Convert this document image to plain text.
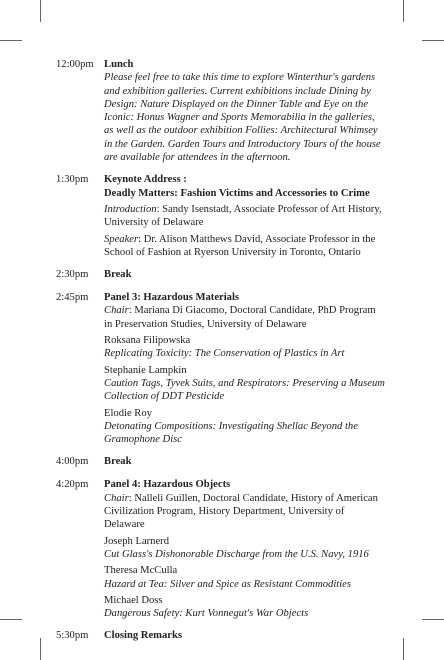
12:00pm Lunch
Please feel free to take this time to explore Winterthur's gardens and exhibition galleries. Current exhibitions include Dining by Design: Nature Displayed on the Dinner Table and Eye on the Iconic: Honus Wagner and Sports Memorabilia in the galleries, as well as the outdoor exhibition Follies: Architectural Whimsey in the Garden. Garden Tours and Introductory Tours of the house are available for attendees in the afternoon.
1:30pm	Keynote Address :
Deadly Matters: Fashion Victims and Accessories to Crime
Introduction: Sandy Isenstadt, Associate Professor of Art History, University of Delaware
Speaker: Dr. Alison Matthews David, Associate Professor in the School of Fashion at Ryerson University in Toronto, Ontario
2:30pm	Break
2:45pm	Panel 3: Hazardous Materials
Chair: Mariana Di Giacomo, Doctoral Candidate, PhD Program in Preservation Studies, University of Delaware
Roksana Filipowska
Replicating Toxicity: The Conservation of Plastics in Art
Stephanie Lampkin
Caution Tags, Tyvek Suits, and Respirators: Preserving a Museum Collection of DDT Pesticide
Elodie Roy
Detonating Compositions: Investigating Shellac Beyond the Gramophone Disc
4:00pm	Break
4:20pm	Panel 4: Hazardous Objects
Chair: Nalleli Guillen, Doctoral Candidate, History of American Civilization Program, History Department, University of Delaware
Joseph Larnerd
Cut Glass's Dishonorable Discharge from the U.S. Navy, 1916
Theresa McCulla
Hazard at Tea: Silver and Spice as Resistant Commodities
Michael Doss
Dangerous Safety: Kurt Vonnegut's War Objects
5:30pm	Closing Remarks
